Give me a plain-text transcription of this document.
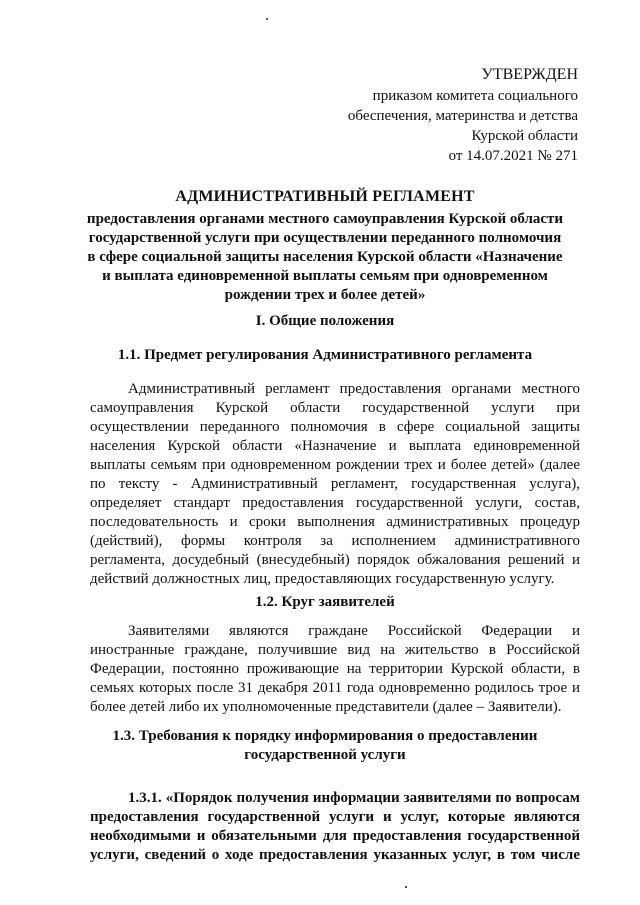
УТВЕРЖДЕН
приказом комитета социального
обеспечения, материнства и детства
Курской области
от 14.07.2021 № 271
АДМИНИСТРАТИВНЫЙ РЕГЛАМЕНТ
предоставления органами местного самоуправления Курской области
государственной услуги при осуществлении переданного полномочия
в сфере социальной защиты населения Курской области «Назначение
и выплата единовременной выплаты семьям при одновременном
рождении трех и более детей»
I. Общие положения
1.1. Предмет регулирования Административного регламента

Административный регламент предоставления органами местного

самоуправления Курской области государственной услуги при

осуществлении переданного полномочия в сфере социальной защиты

населения Курской области «Назначение и выплата единовременной

выплаты семьям при одновременном рождении трех и более детей» (далее

по тексту - Административный регламент, государственная услуга),

определяет стандарт предоставления государственной услуги, состав,

последовательность и сроки выполнения административных процедур

(действий), формы контроля за исполнением административного

регламента, досудебный (внесудебный) порядок обжалования решений и

действий должностных лиц, предоставляющих государственную услугу.

1.2. Круг заявителей

Заявителями являются граждане Российской Федерации и

иностранные граждане, получившие вид на жительство в Российской

Федерации, постоянно проживающие на территории Курской области, в

семьях которых после 31 декабря 2011 года одновременно родилось трое и

более детей либо их уполномоченные представители (далее – Заявители).

1.3. Требования к порядку информирования о предоставлении
государственной услуги

1.3.1. «Порядок получения информации заявителями по вопросам

предоставления государственной услуги и услуг, которые являются

необходимыми и обязательными для предоставления государственной

услуги, сведений о ходе предоставления указанных услуг, в том числе
